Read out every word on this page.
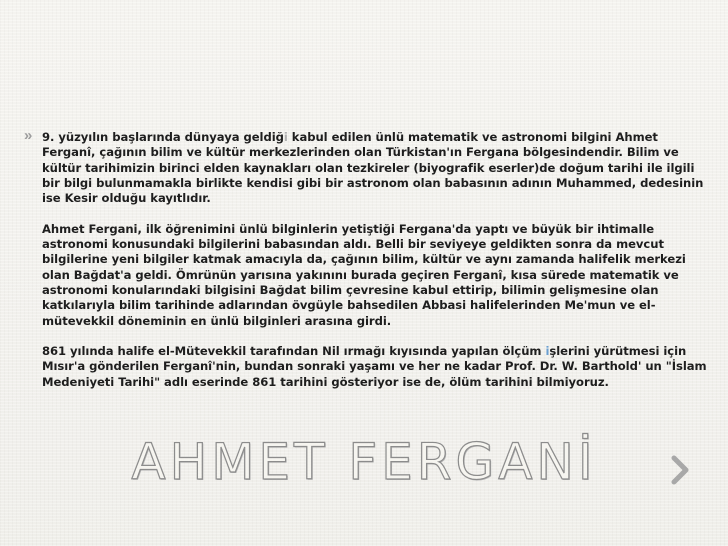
» 9. yüzyılın başlarında dünyaya geldiği kabul edilen ünlü matematik ve astronomi bilgini Ahmet Ferganî, çağının bilim ve kültür merkezlerinden olan Türkistan'ın Fergana bölgesindendir. Bilim ve kültür tarihimizin birinci elden kaynakları olan tezkireler (biyografik eserler)de doğum tarihi ile ilgili bir bilgi bulunmamakla birlikte kendisi gibi bir astronom olan babasının adının Muhammed, dedesinin ise Kesir olduğu kayıtlıdır.

Ahmet Fergani, ilk öğrenimini ünlü bilginlerin yetiştiği Fergana'da yaptı ve büyük bir ihtimalle astronomi konusundaki bilgilerini babasından aldı. Belli bir seviyeye geldikten sonra da mevcut bilgilerine yeni bilgiler katmak amacıyla da, çağının bilim, kültür ve aynı zamanda halifelik merkezi olan Bağdat'a geldi. Ömrünün yarısına yakınını burada geçiren Ferganî, kısa sürede matematik ve astronomi konularındaki bilgisini Bağdat bilim çevresine kabul ettirip, bilimin gelişmesine olan katkılarıyla bilim tarihinde adlarından övgüyle bahsedilen Abbasi halifelerinden Me'mun ve el-mütevekkil döneminin en ünlü bilginleri arasına girdi.

861 yılında halife el-Mütevekkil tarafından Nil ırmağı kıyısında yapılan ölçüm işlerini yürütmesi için Mısır'a gönderilen Ferganî'nin, bundan sonraki yaşamı ve her ne kadar Prof. Dr. W. Barthold' un "İslam Medeniyeti Tarihi" adlı eserinde 861 tarihini gösteriyor ise de, ölüm tarihini bilmiyoruz.

AHMET FERGANİ
